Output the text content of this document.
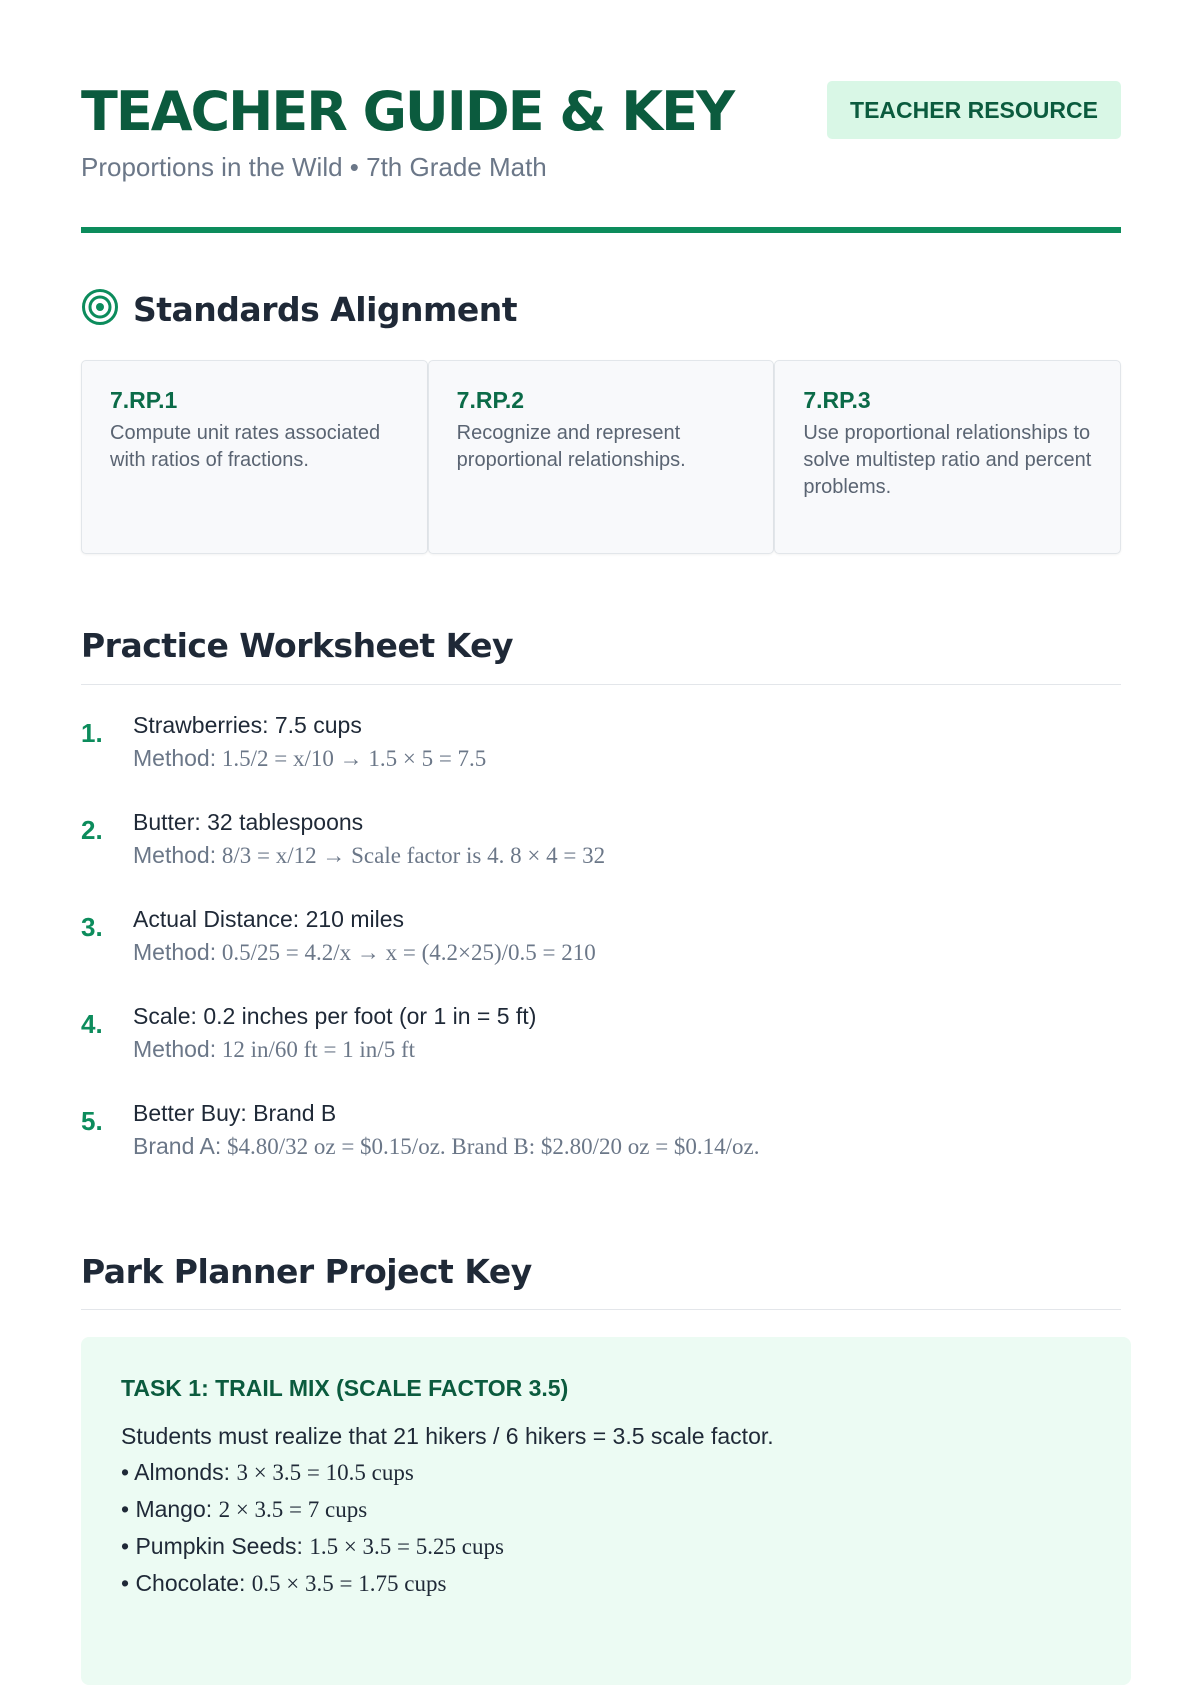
TEACHER GUIDE & KEY
Proportions in the Wild • 7th Grade Math
TEACHER RESOURCE
Standards Alignment
7.RP.1
Compute unit rates associated with ratios of fractions.
7.RP.2
Recognize and represent proportional relationships.
7.RP.3
Use proportional relationships to solve multistep ratio and percent problems.
Practice Worksheet Key
1.	Strawberries: 7.5 cups
Method: 1.5/2 = x/10 → 1.5 × 5 = 7.5
2.	Butter: 32 tablespoons
Method: 8/3 = x/12 → Scale factor is 4. 8 × 4 = 32
3.	Actual Distance: 210 miles
Method: 0.5/25 = 4.2/x → x = (4.2×25)/0.5 = 210
4.	Scale: 0.2 inches per foot (or 1 in = 5 ft)
Method: 12 in/60 ft = 1 in/5 ft
5.	Better Buy: Brand B
Brand A: $4.80/32 oz = $0.15/oz. Brand B: $2.80/20 oz = $0.14/oz.
Park Planner Project Key
TASK 1: TRAIL MIX (SCALE FACTOR 3.5)
Students must realize that 21 hikers / 6 hikers = 3.5 scale factor.
• Almonds: 3 × 3.5 = 10.5 cups
• Mango: 2 × 3.5 = 7 cups
• Pumpkin Seeds: 1.5 × 3.5 = 5.25 cups
• Chocolate: 0.5 × 3.5 = 1.75 cups
